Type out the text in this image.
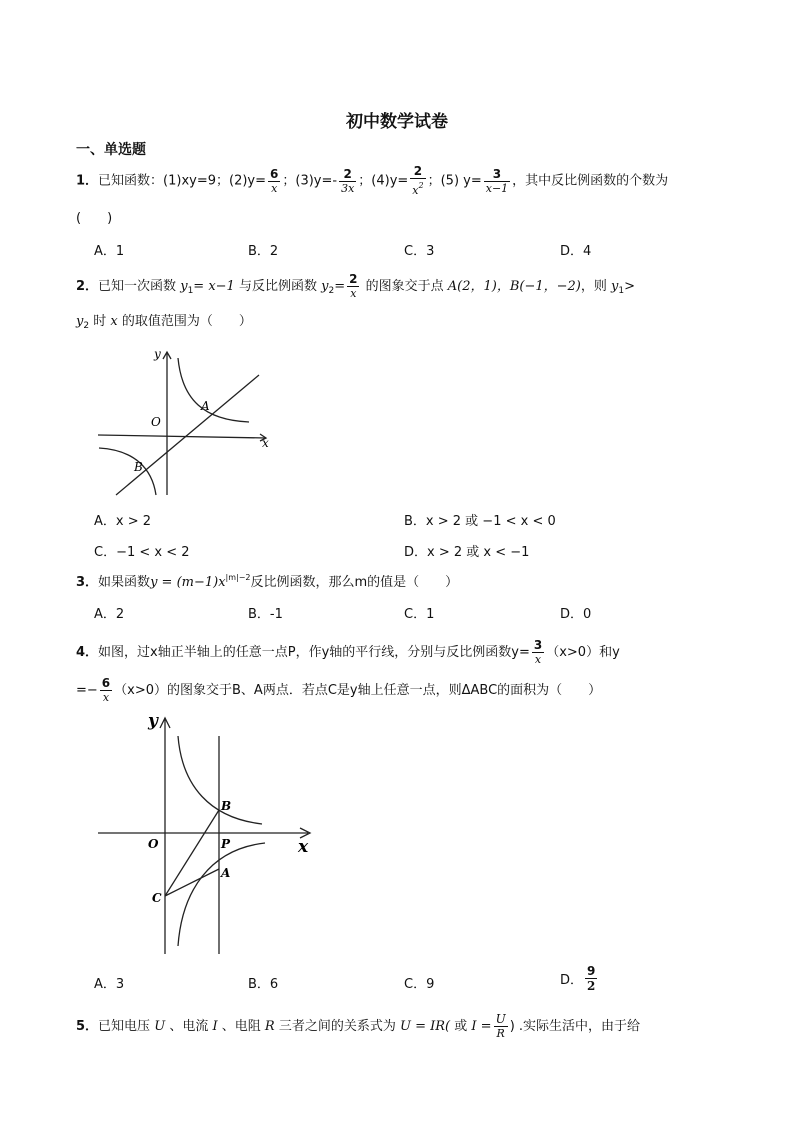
初中数学试卷
一、单选题
1．已知函数：(1)xy=9；$(2)y= \frac{6}{x}$ ；$(3)y=- \frac{2}{3x}$ ；$(4)y= \frac{2}{x^2}$ ；(5) $y= \frac{3}{x-1}$ ，其中反比例函数的个数为
(　　)
A．1	B．2	C．3	D．4
2．已知一次函数 $y_1= x-1$ 与反比例函数 $y_2= \frac{2}{x}$ 的图象交于点 A(2，1)，B(−1，−2)，则 $y_1>$
$y_2$ 时 x 的取值范围为（　　）
y
x
O
A
B
A．x > 2	B．x > 2 或 −1 < x < 0
C．−1 < x < 2	D．x > 2 或 x < −1
3．如果函数$y = (m-1)x^{|m|-2}$反比例函数，那么m的值是（　　）
A．2	B．-1	C．1	D．0
4．如图，过x轴正半轴上的任意一点P，作y轴的平行线，分别与反比例函数$y= \frac{3}{x} (x>0)$和y
=− $\frac{6}{x} (x>0)$的图象交于B、A两点．若点C是y轴上任意一点，则ΔABC的面积为（　　）
y
x
O	P
B
A
C
A．3	B．6	C．9	D． $\frac{9}{2}$
5．已知电压 U 、电流 I 、电阻 R 三者之间的关系式为 U = IR( 或 $I = \frac{U}{R}$ ) .实际生活中，由于给
